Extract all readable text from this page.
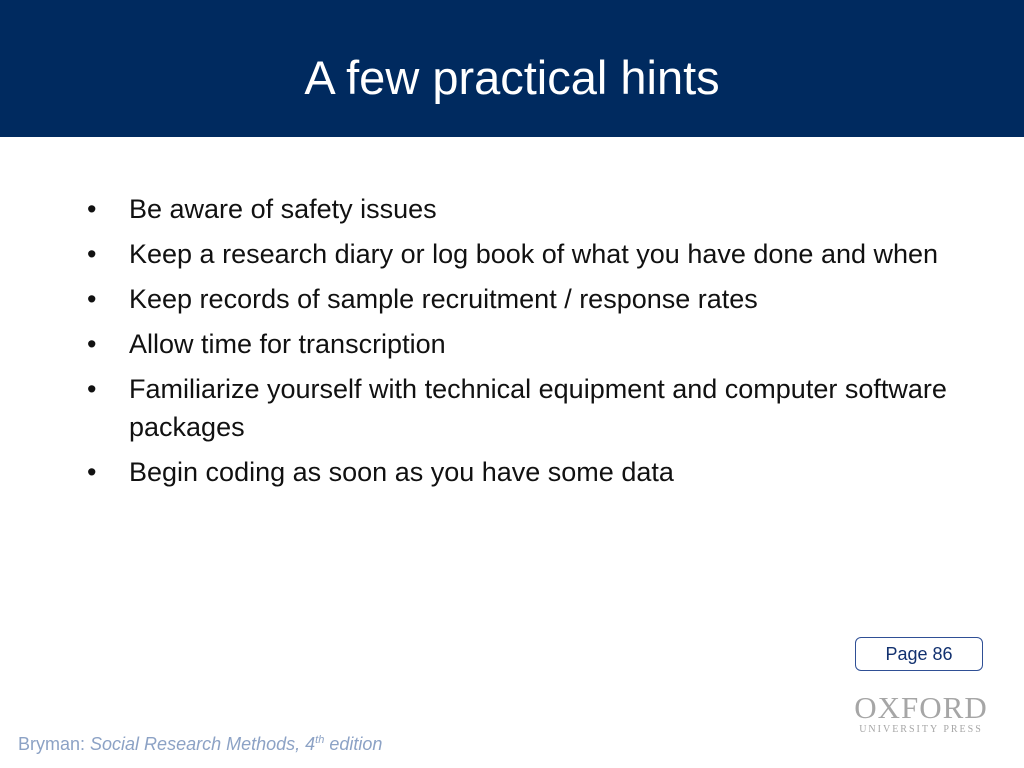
A few practical hints
• Be aware of safety issues
• Keep a research diary or log book of what you have done and when
• Keep records of sample recruitment / response rates
• Allow time for transcription
• Familiarize yourself with technical equipment and computer software packages
• Begin coding as soon as you have some data
Page 86
Bryman: Social Research Methods, 4th edition
OXFORD
UNIVERSITY PRESS
